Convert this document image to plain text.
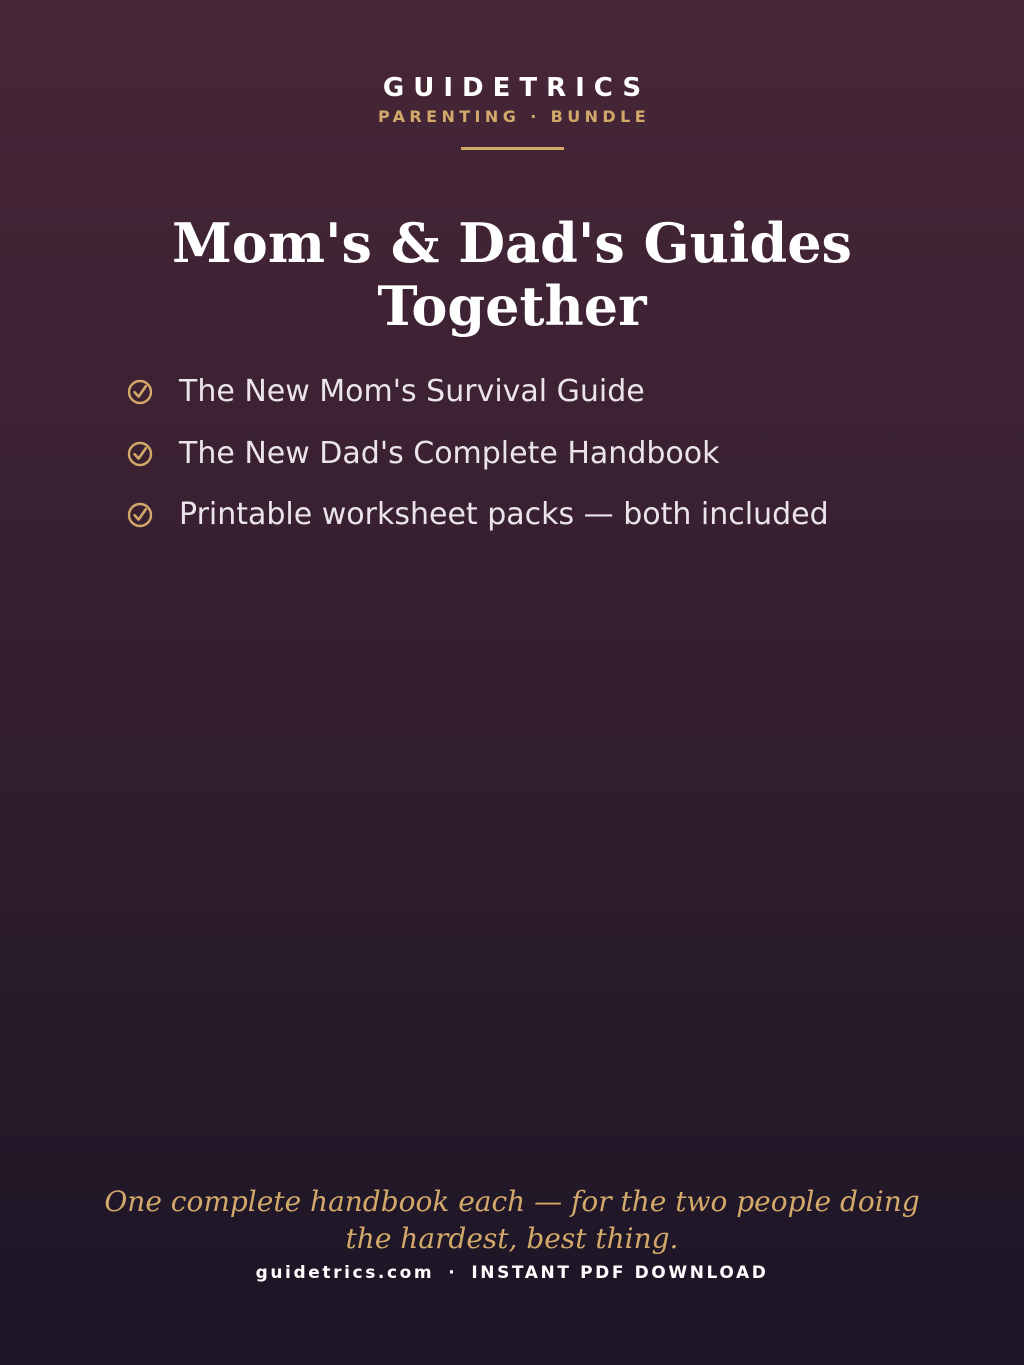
GUIDETRICS
PARENTING · BUNDLE
Mom's & Dad's Guides
Together
The New Mom's Survival Guide
The New Dad's Complete Handbook
Printable worksheet packs — both included

One complete handbook each — for the two people doing
the hardest, best thing.

guidetrics.com · INSTANT PDF DOWNLOAD
